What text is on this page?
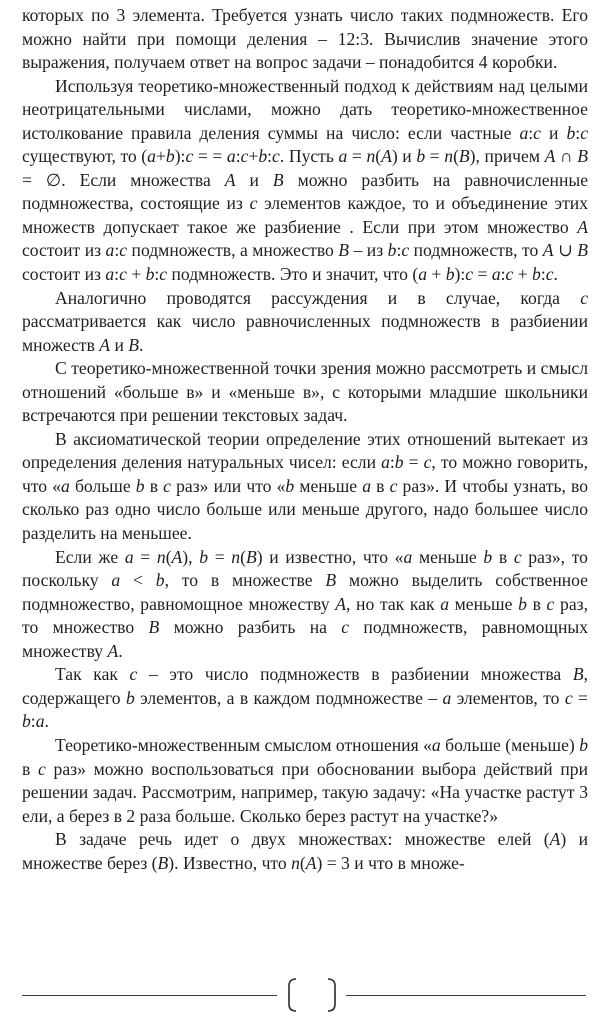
которых по 3 элемента. Требуется узнать число таких подмножеств. Его можно найти при помощи деления – 12:3. Вычислив значение этого выражения, получаем ответ на вопрос задачи – понадобится 4 коробки.

Используя теоретико-множественный подход к действиям над целыми неотрицательными числами, можно дать теоретико-множественное истолкование правила деления суммы на число: если частные a:c и b:c существуют, то (a+b):c = = a:c+b:c. Пусть a = n(A) и b = n(B), причем A ∩ B = ∅. Если множества A и B можно разбить на равночисленные подмножества, состоящие из c элементов каждое, то и объединение этих множеств допускает такое же разбиение . Если при этом множество A состоит из a:c подмножеств, а множество B – из b:c подмножеств, то A ∪ B состоит из a:c + b:c подмножеств. Это и значит, что (a + b):c = a:c + b:c.

Аналогично проводятся рассуждения и в случае, когда c рассматривается как число равночисленных подмножеств в разбиении множеств A и B.

С теоретико-множественной точки зрения можно рассмотреть и смысл отношений «больше в» и «меньше в», с которыми младшие школьники встречаются при решении текстовых задач.

В аксиоматической теории определение этих отношений вытекает из определения деления натуральных чисел: если a:b = c, то можно говорить, что «a больше b в c раз» или что «b меньше a в c раз». И чтобы узнать, во сколько раз одно число больше или меньше другого, надо большее число разделить на меньшее.

Если же a = n(A), b = n(B) и известно, что «a меньше b в c раз», то поскольку a < b, то в множестве B можно выделить собственное подмножество, равномощное множеству A, но так как a меньше b в c раз, то множество B можно разбить на c подмножеств, равномощных множеству A.

Так как c – это число подмножеств в разбиении множества B, содержащего b элементов, а в каждом подмножестве – a элементов, то c = b:a.

Теоретико-множественным смыслом отношения «a больше (меньше) b в c раз» можно воспользоваться при обосновании выбора действий при решении задач. Рассмотрим, например, такую задачу: «На участке растут 3 ели, а берез в 2 раза больше. Сколько берез растут на участке?»

В задаче речь идет о двух множествах: множестве елей (A) и множестве берез (B). Известно, что n(A) = 3 и что в множе-
